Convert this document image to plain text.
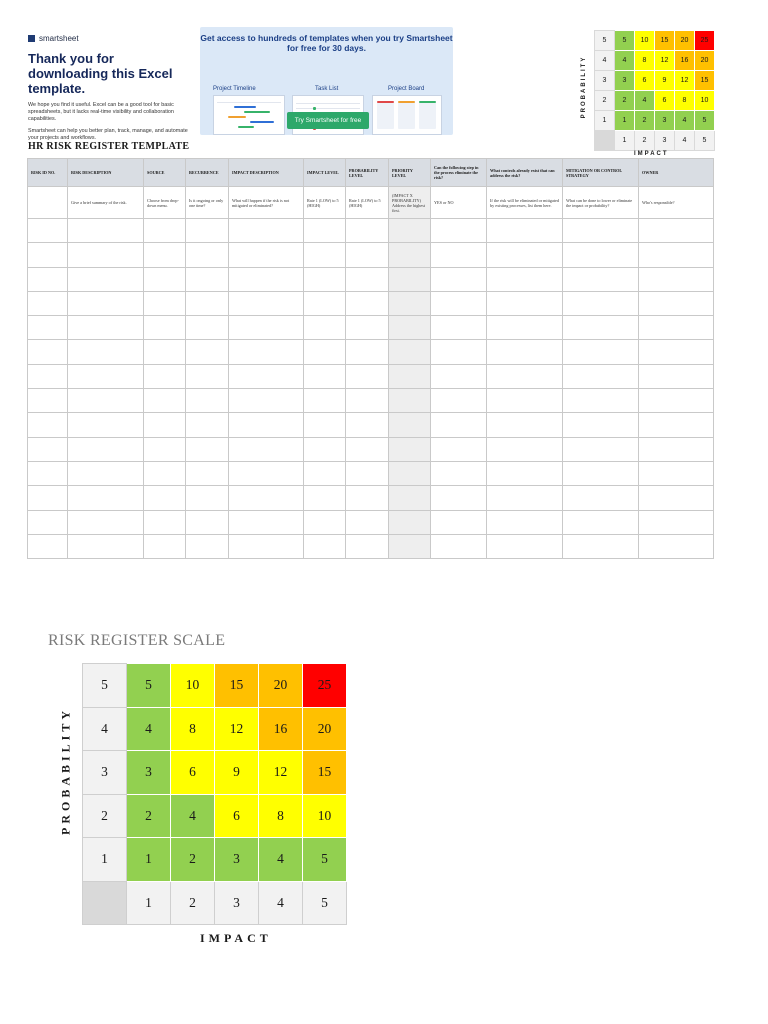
smartsheet
Thank you for downloading this Excel template.

We hope you find it useful. Excel can be a good tool for basic spreadsheets, but it lacks real-time visibility and collaboration capabilities.

Smartsheet can help you better plan, track, manage, and automate your projects and workflows.

Get access to hundreds of templates when you try Smartsheet for free for 30 days.
Project Timeline	Task List	Project Board
Try Smartsheet for free
PROBABILITY
5	5	10	15	20	25
4	4	8	12	16	20
3	3	6	9	12	15
2	2	4	6	8	10
1	1	2	3	4	5
	1	2	3	4	5
IMPACT
HR RISK REGISTER TEMPLATE
RISK ID NO.	RISK DESCRIPTION	SOURCE	RECURRENCE	IMPACT DESCRIPTION	IMPACT LEVEL	PROBABILITY LEVEL	PRIORITY LEVEL	Can the following step in the process eliminate the risk?	What controls already exist that can address the risk?	MITIGATION OR CONTROL STRATEGY	OWNER
	Give a brief summary of the risk.	Choose from drop-down menu.	Is it ongoing or only one time?	What will happen if the risk is not mitigated or eliminated?	Rate 1 (LOW) to 5 (HIGH)	Rate 1 (LOW) to 5 (HIGH)	(IMPACT X PROBABILITY) Address the highest first.	YES or NO	If the risk will be eliminated or mitigated by existing processes, list them here.	What can be done to lower or eliminate the impact or probability?	Who's responsible?

RISK REGISTER SCALE
PROBABILITY
5	5	10	15	20	25
4	4	8	12	16	20
3	3	6	9	12	15
2	2	4	6	8	10
1	1	2	3	4	5
	1	2	3	4	5
IMPACT
